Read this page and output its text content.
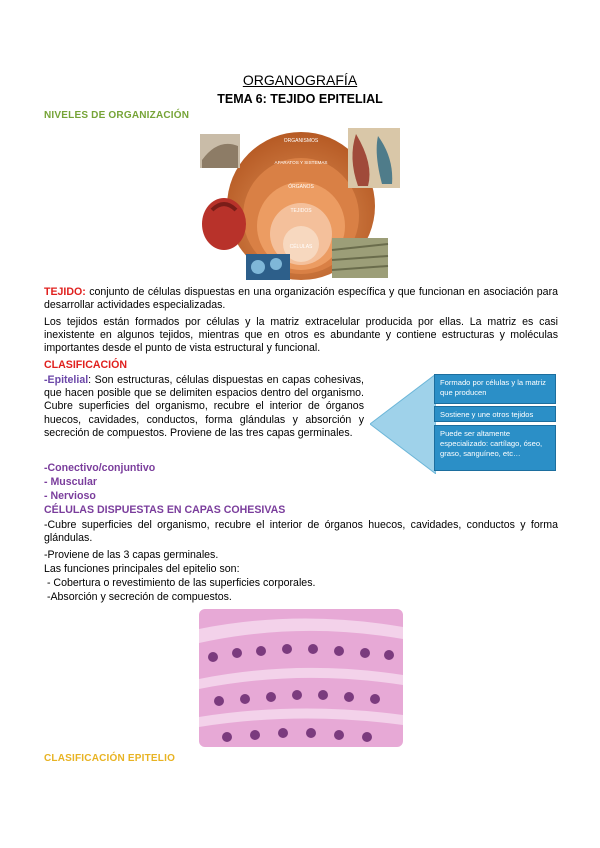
ORGANOGRAFÍA
TEMA 6: TEJIDO EPITELIAL
NIVELES DE ORGANIZACIÓN
ORGANISMOS
APARATOS Y SISTEMAS
ÓRGANOS
TEJIDOS
CÉLULAS
TEJIDO: conjunto de células dispuestas en una organización específica y que funcionan en asociación para desarrollar actividades especializadas.
Los tejidos están formados por células y la matriz extracelular producida por ellas. La matriz es casi inexistente en algunos tejidos, mientras que en otros es abundante y contiene estructuras y moléculas importantes desde el punto de vista estructural y funcional.
CLASIFICACIÓN
-Epitelial: Son estructuras, células dispuestas en capas cohesivas, que hacen posible que se delimiten espacios dentro del organismo. Cubre superficies del organismo, recubre el interior de órganos huecos, cavidades, conductos, forma glándulas y absorción y secreción de compuestos. Proviene de las tres capas germinales.
-Conectivo/conjuntivo
- Muscular
- Nervioso
Formado por células y la matriz que producen
Sostiene y une otros tejidos
Puede ser altamente especializado: cartílago, óseo, graso, sanguíneo, etc…
CÉLULAS DISPUESTAS EN CAPAS COHESIVAS
-Cubre superficies del organismo, recubre el interior de órganos huecos, cavidades, conductos y forma glándulas.
-Proviene de las 3 capas germinales.
Las funciones principales del epitelio son:
- Cobertura o revestimiento de las superficies corporales.
-Absorción y secreción de compuestos.
CLASIFICACIÓN EPITELIO
